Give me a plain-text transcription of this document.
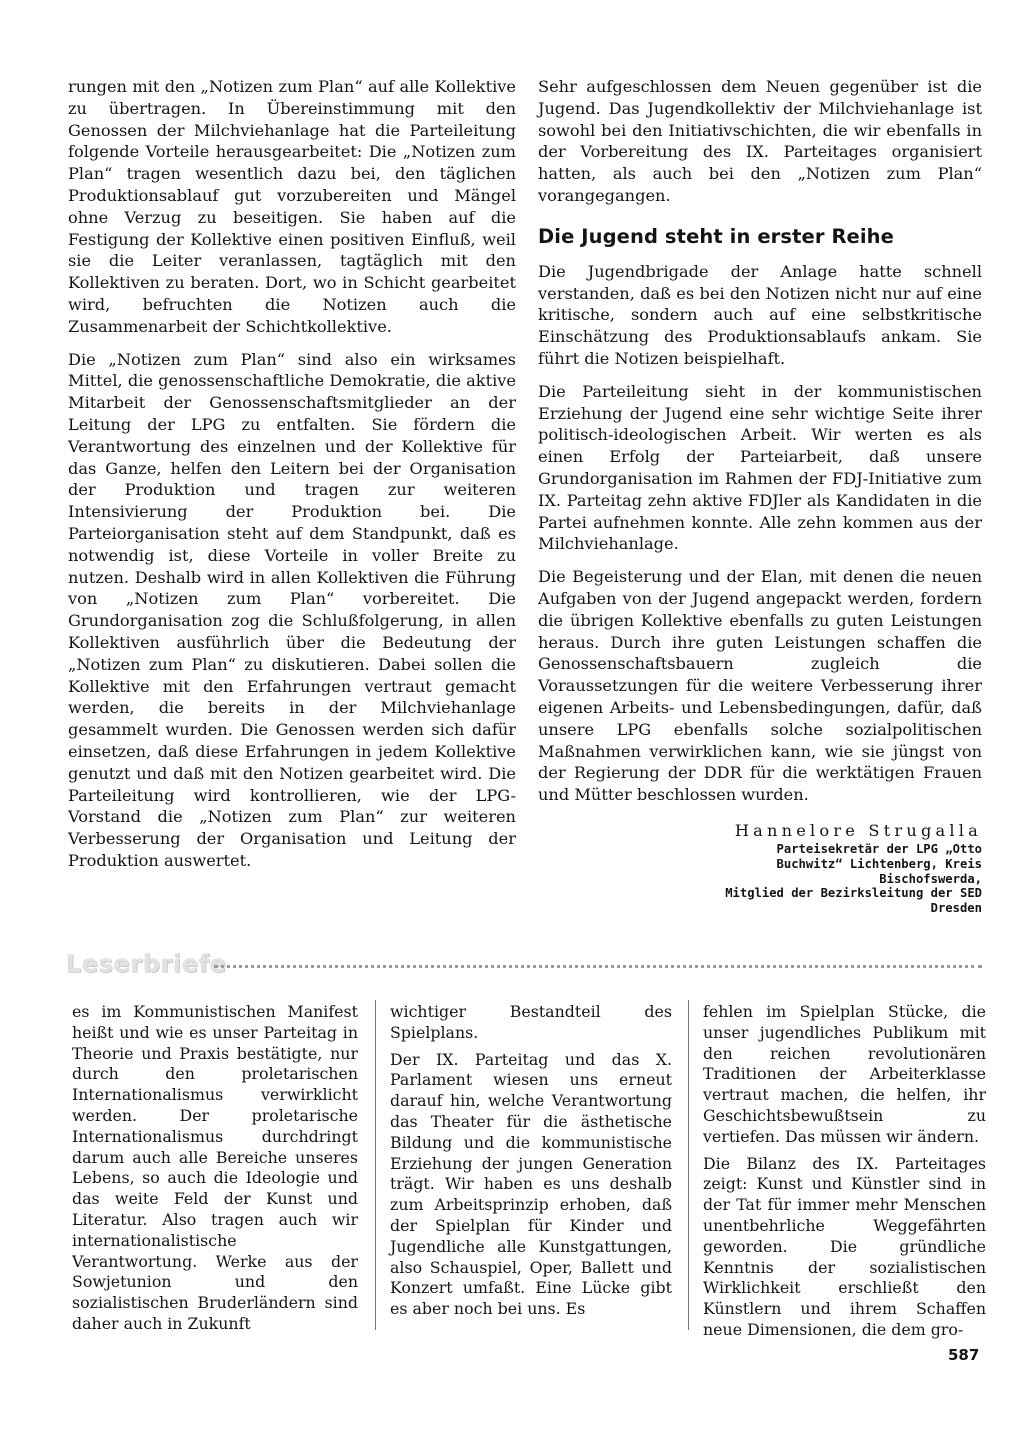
rungen mit den „Notizen zum Plan“ auf alle Kollektive zu übertragen. In Übereinstimmung mit den Genossen der Milchviehanlage hat die Parteileitung folgende Vorteile herausgearbeitet: Die „Notizen zum Plan“ tragen wesentlich dazu bei, den täglichen Produktionsablauf gut vorzubereiten und Mängel ohne Verzug zu beseitigen. Sie haben auf die Festigung der Kollektive einen positiven Einfluß, weil sie die Leiter veranlassen, tagtäglich mit den Kollektiven zu beraten. Dort, wo in Schicht gearbeitet wird, befruchten die Notizen auch die Zusammenarbeit der Schichtkollektive.

Die „Notizen zum Plan“ sind also ein wirksames Mittel, die genossenschaftliche Demokratie, die aktive Mitarbeit der Genossenschaftsmitglieder an der Leitung der LPG zu entfalten. Sie fördern die Verantwortung des einzelnen und der Kollektive für das Ganze, helfen den Leitern bei der Organisation der Produktion und tragen zur weiteren Intensivierung der Produktion bei. Die Parteiorganisation steht auf dem Standpunkt, daß es notwendig ist, diese Vorteile in voller Breite zu nutzen. Deshalb wird in allen Kollektiven die Führung von „Notizen zum Plan“ vorbereitet. Die Grundorganisation zog die Schlußfolgerung, in allen Kollektiven ausführlich über die Bedeutung der „Notizen zum Plan“ zu diskutieren. Dabei sollen die Kollektive mit den Erfahrungen vertraut gemacht werden, die bereits in der Milchviehanlage gesammelt wurden. Die Genossen werden sich dafür einsetzen, daß diese Erfahrungen in jedem Kollektive genutzt und daß mit den Notizen gearbeitet wird. Die Parteileitung wird kontrollieren, wie der LPG-Vorstand die „Notizen zum Plan“ zur weiteren Verbesserung der Organisation und Leitung der Produktion auswertet.

Sehr aufgeschlossen dem Neuen gegenüber ist die Jugend. Das Jugendkollektiv der Milchviehanlage ist sowohl bei den Initiativschichten, die wir ebenfalls in der Vorbereitung des IX. Parteitages organisiert hatten, als auch bei den „Notizen zum Plan“ vorangegangen.

Die Jugend steht in erster Reihe

Die Jugendbrigade der Anlage hatte schnell verstanden, daß es bei den Notizen nicht nur auf eine kritische, sondern auch auf eine selbstkritische Einschätzung des Produktionsablaufs ankam. Sie führt die Notizen beispielhaft.

Die Parteileitung sieht in der kommunistischen Erziehung der Jugend eine sehr wichtige Seite ihrer politisch-ideologischen Arbeit. Wir werten es als einen Erfolg der Parteiarbeit, daß unsere Grundorganisation im Rahmen der FDJ-Initiative zum IX. Parteitag zehn aktive FDJler als Kandidaten in die Partei aufnehmen konnte. Alle zehn kommen aus der Milchviehanlage.

Die Begeisterung und der Elan, mit denen die neuen Aufgaben von der Jugend angepackt werden, fordern die übrigen Kollektive ebenfalls zu guten Leistungen heraus. Durch ihre guten Leistungen schaffen die Genossenschaftsbauern zugleich die Voraussetzungen für die weitere Verbesserung ihrer eigenen Arbeits- und Lebensbedingungen, dafür, daß unsere LPG ebenfalls solche sozialpolitischen Maßnahmen verwirklichen kann, wie sie jüngst von der Regierung der DDR für die werktätigen Frauen und Mütter beschlossen wurden.

Hannelore Strugalla
Parteisekretär der LPG „Otto
Buchwitz“ Lichtenberg, Kreis
Bischofswerda,
Mitglied der Bezirksleitung der SED
Dresden
Leserbriefe

es im Kommunistischen Manifest heißt und wie es unser Parteitag in Theorie und Praxis bestätigte, nur durch den proletarischen Internationalismus verwirklicht werden. Der proletarische Internationalismus durchdringt darum auch alle Bereiche unseres Lebens, so auch die Ideologie und das weite Feld der Kunst und Literatur. Also tragen auch wir internationalistische Verantwortung. Werke aus der Sowjetunion und den sozialistischen Bruderländern sind daher auch in Zukunft

wichtiger Bestandteil des Spielplans.

Der IX. Parteitag und das X. Parlament wiesen uns erneut darauf hin, welche Verantwortung das Theater für die ästhetische Bildung und die kommunistische Erziehung der jungen Generation trägt. Wir haben es uns deshalb zum Arbeitsprinzip erhoben, daß der Spielplan für Kinder und Jugendliche alle Kunstgattungen, also Schauspiel, Oper, Ballett und Konzert umfaßt. Eine Lücke gibt es aber noch bei uns. Es

fehlen im Spielplan Stücke, die unser jugendliches Publikum mit den reichen revolutionären Traditionen der Arbeiterklasse vertraut machen, die helfen, ihr Geschichtsbewußtsein zu vertiefen. Das müssen wir ändern.

Die Bilanz des IX. Parteitages zeigt: Kunst und Künstler sind in der Tat für immer mehr Menschen unentbehrliche Weggefährten geworden. Die gründliche Kenntnis der sozialistischen Wirklichkeit erschließt den Künstlern und ihrem Schaffen neue Dimensionen, die dem gro-

587
